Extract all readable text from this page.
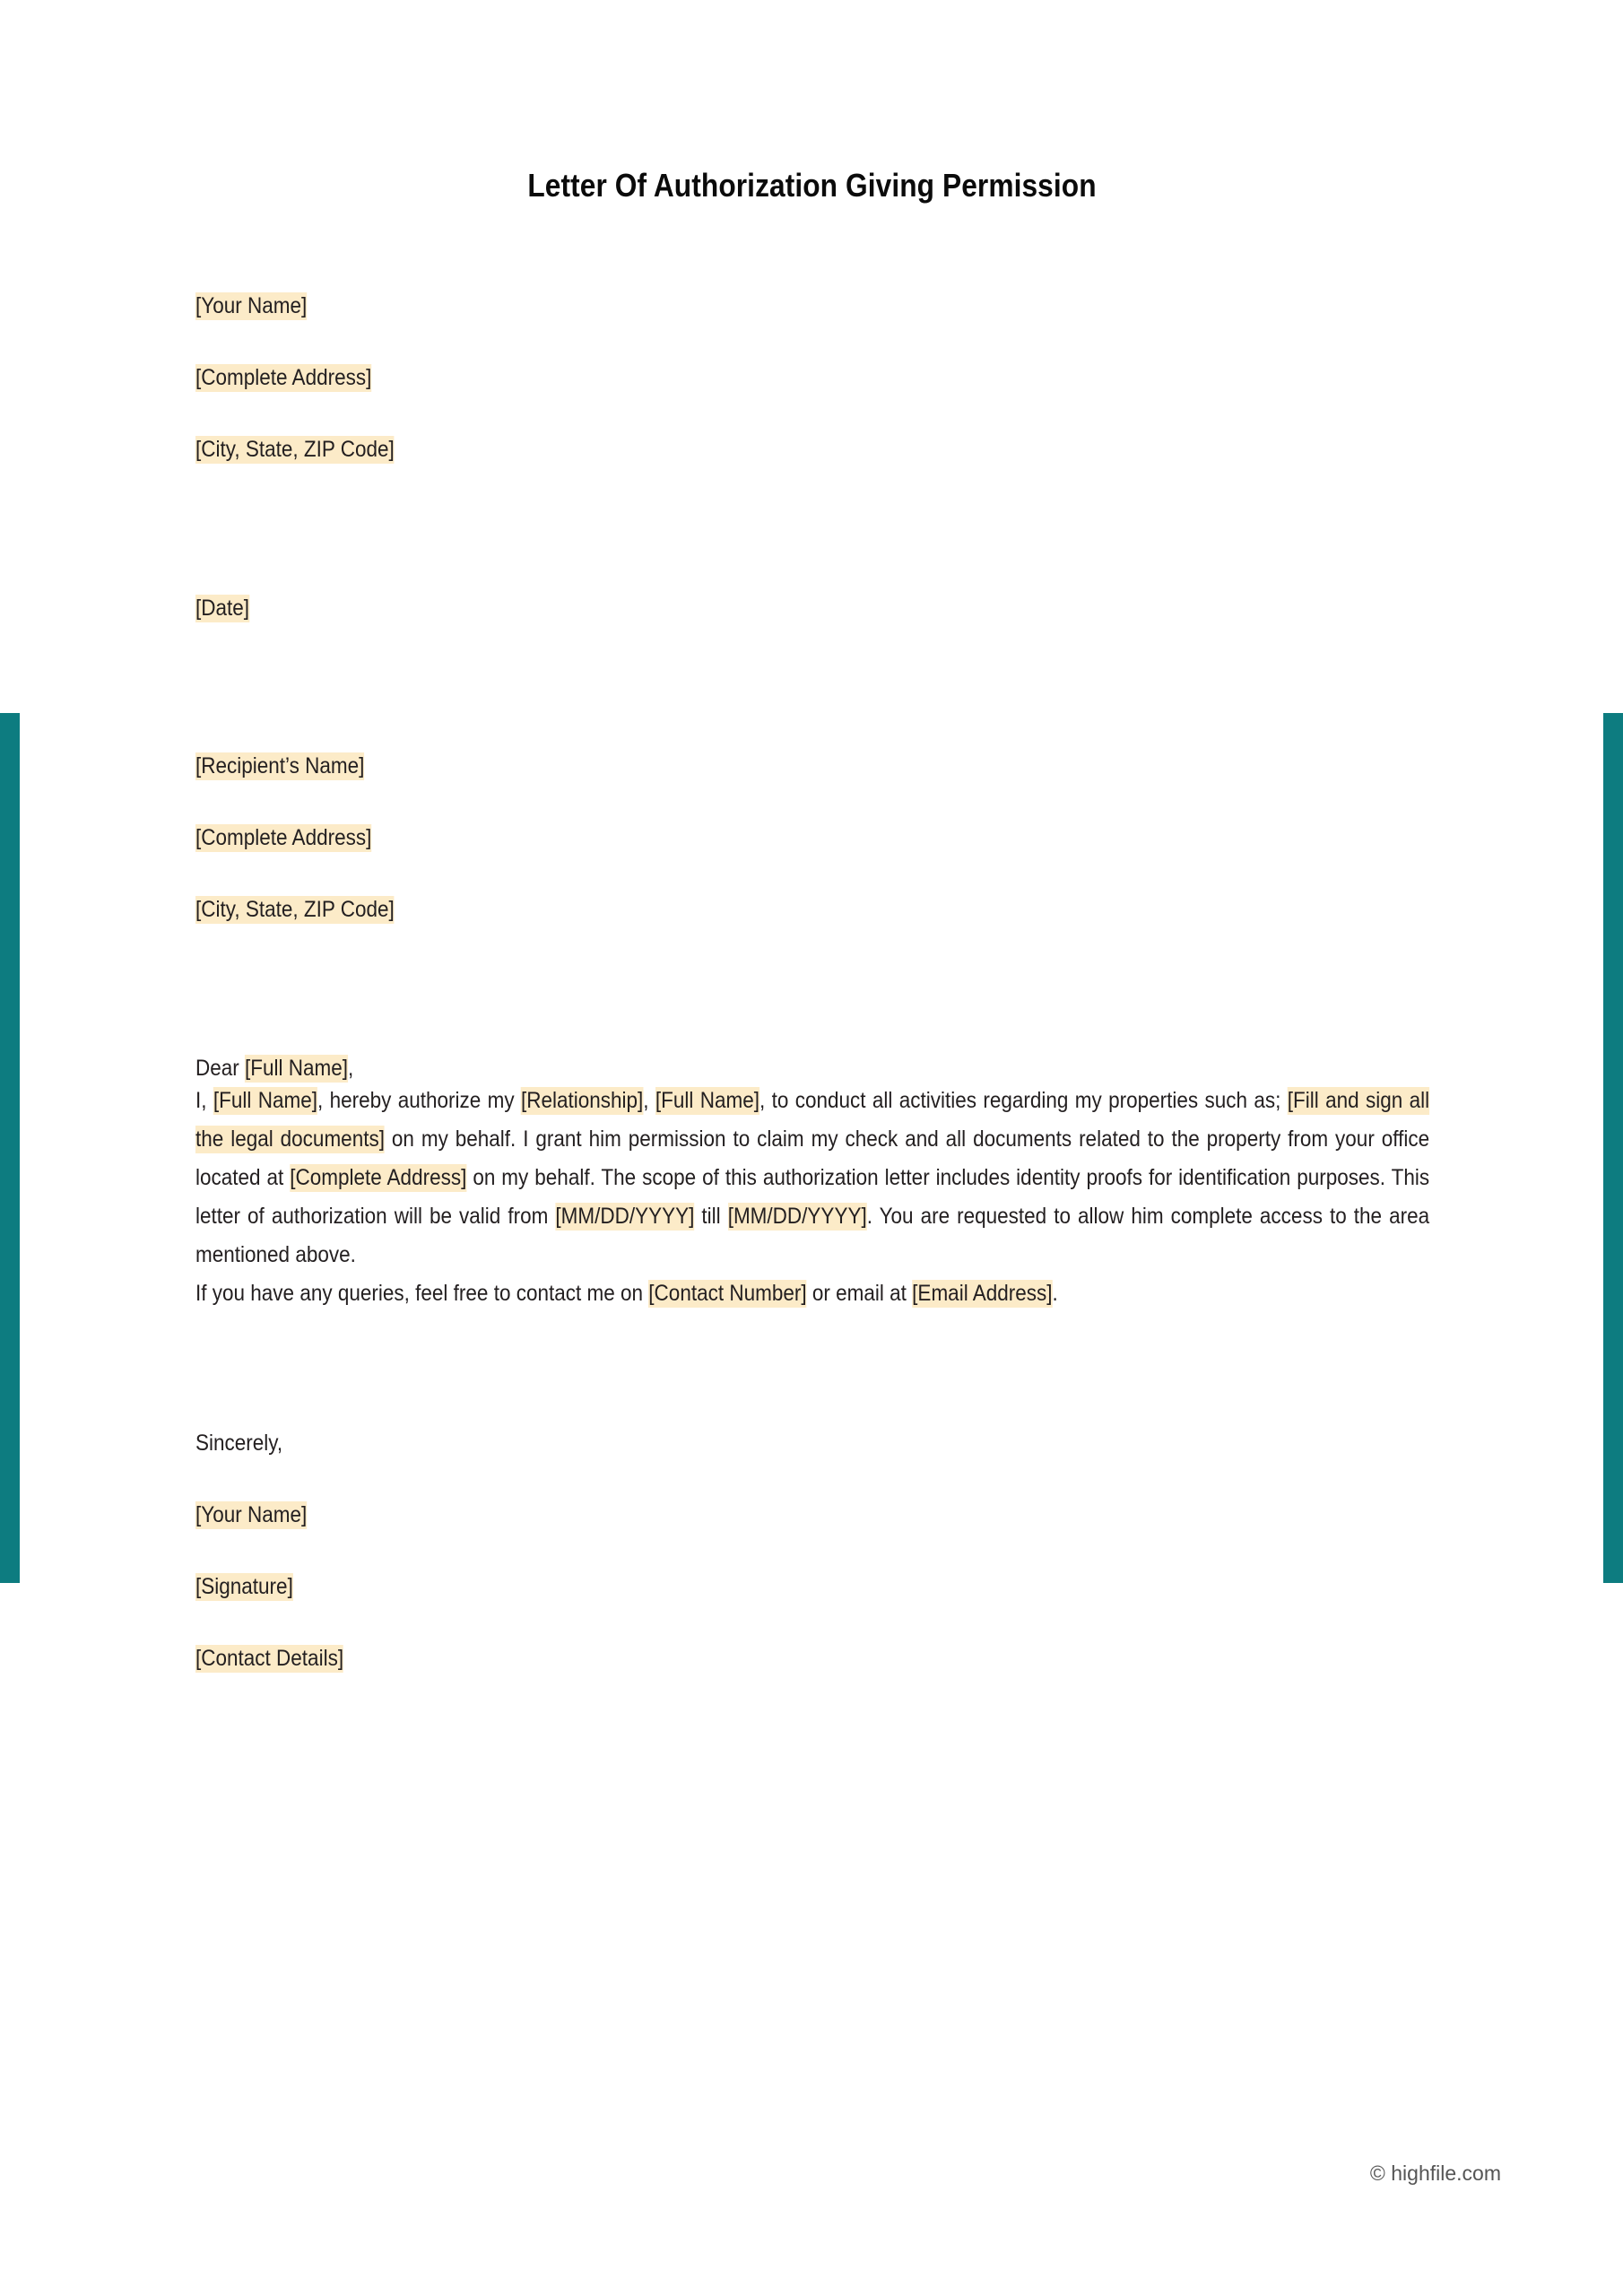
Letter Of Authorization Giving Permission

[Your Name]

[Complete Address]

[City, State, ZIP Code]

[Date]

[Recipient’s Name]

[Complete Address]

[City, State, ZIP Code]

Dear [Full Name],

I, [Full Name], hereby authorize my [Relationship], [Full Name], to conduct all activities regarding my properties such as; [Fill and sign all the legal documents] on my behalf. I grant him permission to claim my check and all documents related to the property from your office located at [Complete Address] on my behalf. The scope of this authorization letter includes identity proofs for identification purposes. This letter of authorization will be valid from [MM/DD/YYYY] till [MM/DD/YYYY]. You are requested to allow him complete access to the area mentioned above.

If you have any queries, feel free to contact me on [Contact Number] or email at [Email Address].

Sincerely,

[Your Name]

[Signature]

[Contact Details]

© highfile.com
